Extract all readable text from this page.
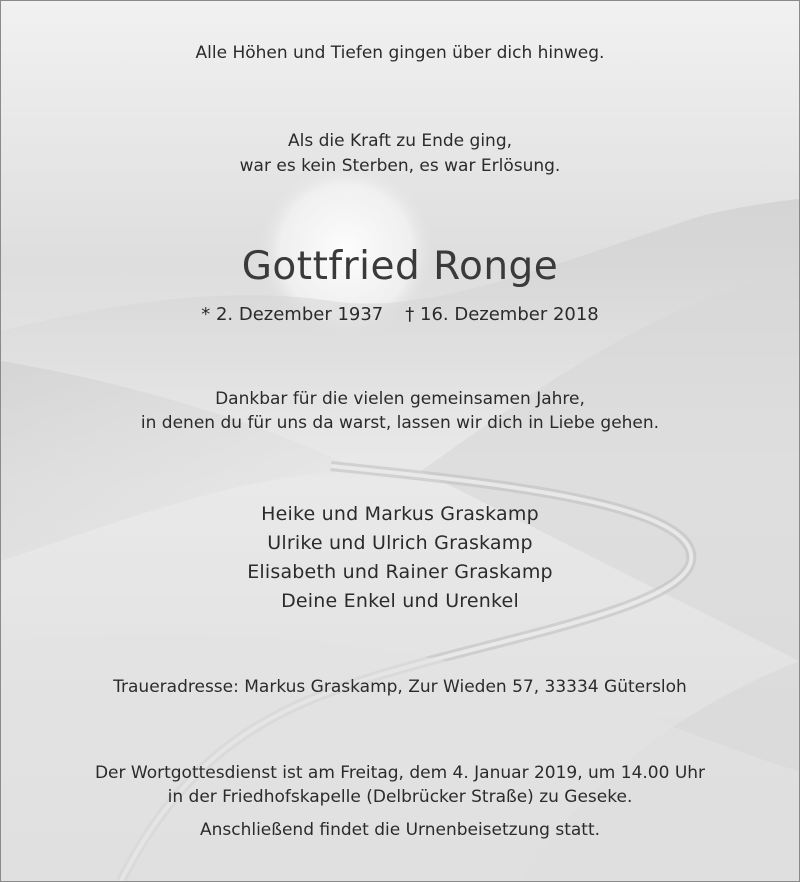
Alle Höhen und Tiefen gingen über dich hinweg.
Als die Kraft zu Ende ging,
war es kein Sterben, es war Erlösung.
Gottfried Ronge
* 2. Dezember 1937 † 16. Dezember 2018
Dankbar für die vielen gemeinsamen Jahre,
in denen du für uns da warst, lassen wir dich in Liebe gehen.
Heike und Markus Graskamp
Ulrike und Ulrich Graskamp
Elisabeth und Rainer Graskamp
Deine Enkel und Urenkel
Traueradresse: Markus Graskamp, Zur Wieden 57, 33334 Gütersloh
Der Wortgottesdienst ist am Freitag, dem 4. Januar 2019, um 14.00 Uhr
in der Friedhofskapelle (Delbrücker Straße) zu Geseke.
Anschließend findet die Urnenbeisetzung statt.
